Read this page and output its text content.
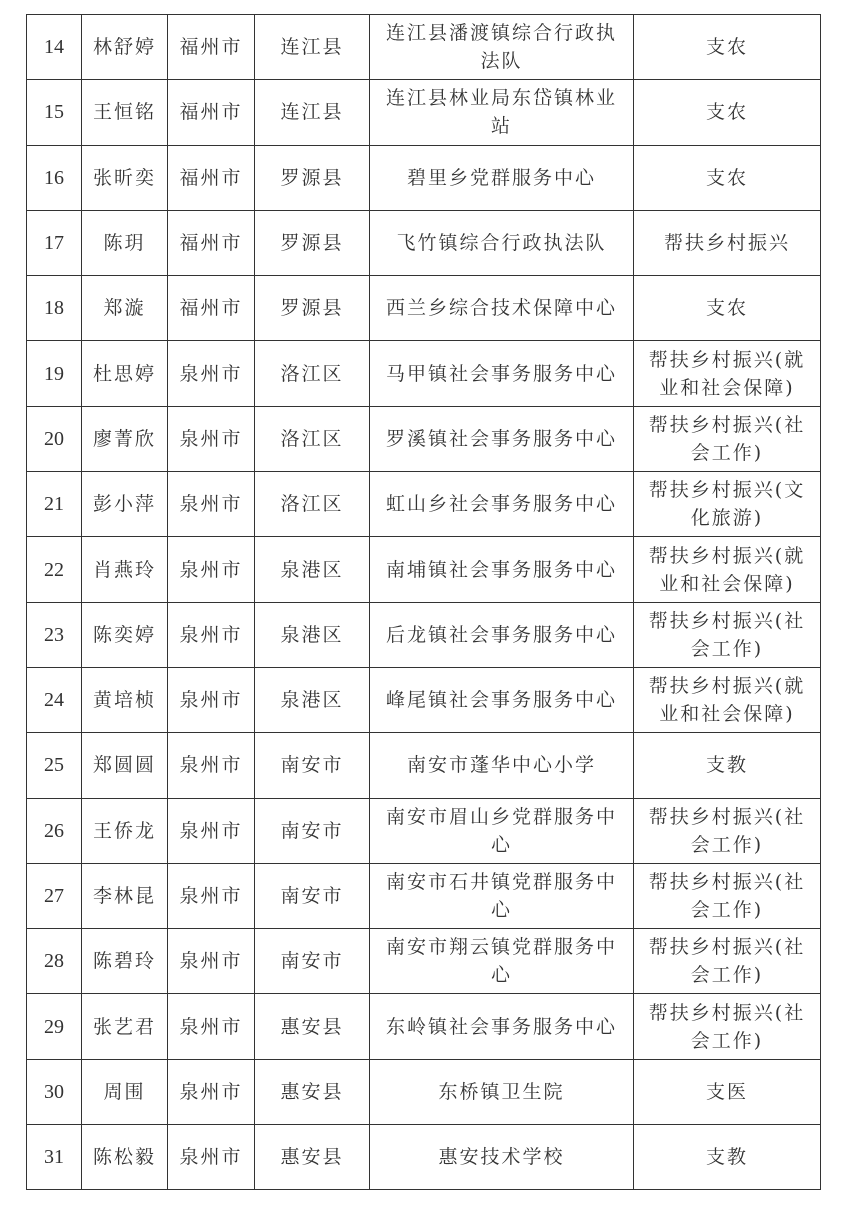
14	林舒婷	福州市	连江县	连江县潘渡镇综合行政执法队	支农
15	王恒铭	福州市	连江县	连江县林业局东岱镇林业站	支农
16	张昕奕	福州市	罗源县	碧里乡党群服务中心	支农
17	陈玥	福州市	罗源县	飞竹镇综合行政执法队	帮扶乡村振兴
18	郑漩	福州市	罗源县	西兰乡综合技术保障中心	支农
19	杜思婷	泉州市	洛江区	马甲镇社会事务服务中心	帮扶乡村振兴(就业和社会保障)
20	廖菁欣	泉州市	洛江区	罗溪镇社会事务服务中心	帮扶乡村振兴(社会工作)
21	彭小萍	泉州市	洛江区	虹山乡社会事务服务中心	帮扶乡村振兴(文化旅游)
22	肖燕玲	泉州市	泉港区	南埔镇社会事务服务中心	帮扶乡村振兴(就业和社会保障)
23	陈奕婷	泉州市	泉港区	后龙镇社会事务服务中心	帮扶乡村振兴(社会工作)
24	黄培桢	泉州市	泉港区	峰尾镇社会事务服务中心	帮扶乡村振兴(就业和社会保障)
25	郑圆圆	泉州市	南安市	南安市蓬华中心小学	支教
26	王侨龙	泉州市	南安市	南安市眉山乡党群服务中心	帮扶乡村振兴(社会工作)
27	李林昆	泉州市	南安市	南安市石井镇党群服务中心	帮扶乡村振兴(社会工作)
28	陈碧玲	泉州市	南安市	南安市翔云镇党群服务中心	帮扶乡村振兴(社会工作)
29	张艺君	泉州市	惠安县	东岭镇社会事务服务中心	帮扶乡村振兴(社会工作)
30	周围	泉州市	惠安县	东桥镇卫生院	支医
31	陈松毅	泉州市	惠安县	惠安技术学校	支教
